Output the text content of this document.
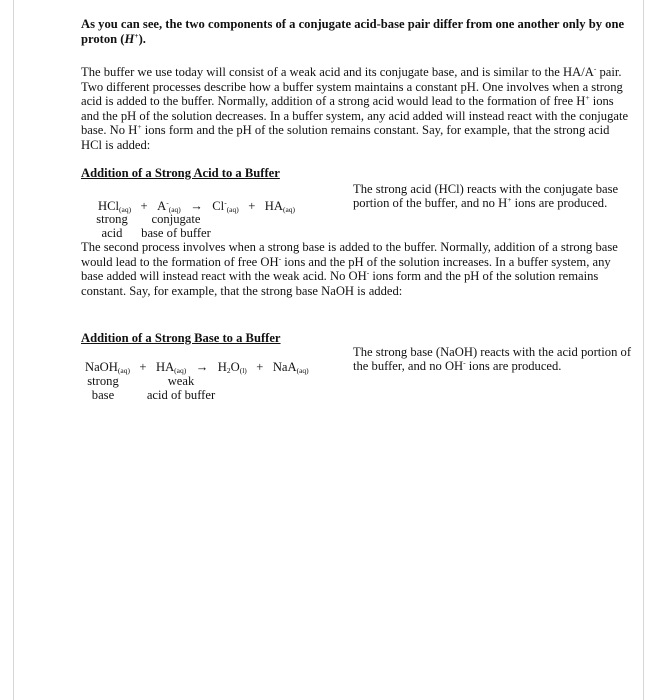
As you can see, the two components of a conjugate acid-base pair differ from one another only by one proton (H+).

The buffer we use today will consist of a weak acid and its conjugate base, and is similar to the HA/A- pair. Two different processes describe how a buffer system maintains a constant pH. One involves when a strong acid is added to the buffer. Normally, addition of a strong acid would lead to the formation of free H+ ions and the pH of the solution decreases. In a buffer system, any acid added will instead react with the conjugate base. No H+ ions form and the pH of the solution remains constant. Say, for example, that the strong acid HCl is added:

Addition of a Strong Acid to a Buffer
$HCl_{(aq)} + A^-_{(aq)} \to Cl^-_{(aq)} + HA_{(aq)}$
strong
acid
conjugate
base of buffer

The strong acid (HCl) reacts with the conjugate base portion of the buffer, and no H+ ions are produced.

The second process involves when a strong base is added to the buffer. Normally, addition of a strong base would lead to the formation of free OH- ions and the pH of the solution increases. In a buffer system, any base added will instead react with the weak acid. No OH- ions form and the pH of the solution remains constant. Say, for example, that the strong base NaOH is added:

Addition of a Strong Base to a Buffer
NaOH$_{(aq)}$ + $HA_{(aq)} \to H_2O_{(l)} + NaA_{(aq)}$
strong
base
weak
acid of buffer

The strong base (NaOH) reacts with the acid portion of the buffer, and no OH- ions are produced.
